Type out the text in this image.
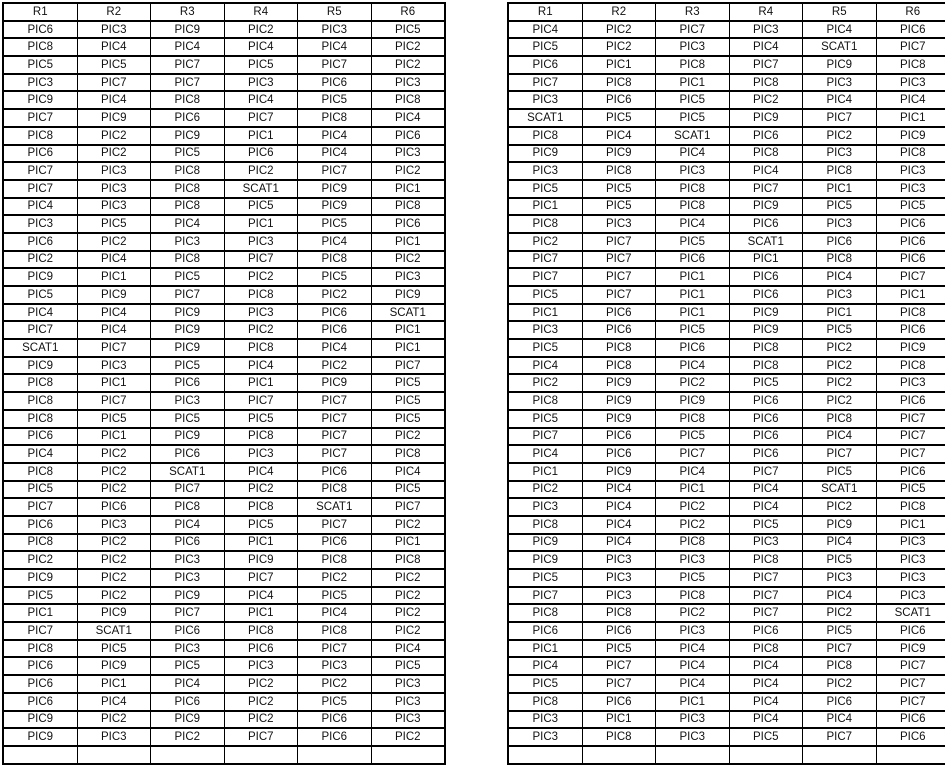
R1	R2	R3	R4	R5	R6
PIC6	PIC3	PIC9	PIC2	PIC3	PIC5
PIC8	PIC4	PIC4	PIC4	PIC4	PIC2
PIC5	PIC5	PIC7	PIC5	PIC7	PIC2
PIC3	PIC7	PIC7	PIC3	PIC6	PIC3
PIC9	PIC4	PIC8	PIC4	PIC5	PIC8
PIC7	PIC9	PIC6	PIC7	PIC8	PIC4
PIC8	PIC2	PIC9	PIC1	PIC4	PIC6
PIC6	PIC2	PIC5	PIC6	PIC4	PIC3
PIC7	PIC3	PIC8	PIC2	PIC7	PIC2
PIC7	PIC3	PIC8	SCAT1	PIC9	PIC1
PIC4	PIC3	PIC8	PIC5	PIC9	PIC8
PIC3	PIC5	PIC4	PIC1	PIC5	PIC6
PIC6	PIC2	PIC3	PIC3	PIC4	PIC1
PIC2	PIC4	PIC8	PIC7	PIC8	PIC2
PIC9	PIC1	PIC5	PIC2	PIC5	PIC3
PIC5	PIC9	PIC7	PIC8	PIC2	PIC9
PIC4	PIC4	PIC9	PIC3	PIC6	SCAT1
PIC7	PIC4	PIC9	PIC2	PIC6	PIC1
SCAT1	PIC7	PIC9	PIC8	PIC4	PIC1
PIC9	PIC3	PIC5	PIC4	PIC2	PIC7
PIC8	PIC1	PIC6	PIC1	PIC9	PIC5
PIC8	PIC7	PIC3	PIC7	PIC7	PIC5
PIC8	PIC5	PIC5	PIC5	PIC7	PIC5
PIC6	PIC1	PIC9	PIC8	PIC7	PIC2
PIC4	PIC2	PIC6	PIC3	PIC7	PIC8
PIC8	PIC2	SCAT1	PIC4	PIC6	PIC4
PIC5	PIC2	PIC7	PIC2	PIC8	PIC5
PIC7	PIC6	PIC8	PIC8	SCAT1	PIC7
PIC6	PIC3	PIC4	PIC5	PIC7	PIC2
PIC8	PIC2	PIC6	PIC1	PIC6	PIC1
PIC2	PIC2	PIC3	PIC9	PIC8	PIC8
PIC9	PIC2	PIC3	PIC7	PIC2	PIC2
PIC5	PIC2	PIC9	PIC4	PIC5	PIC2
PIC1	PIC9	PIC7	PIC1	PIC4	PIC2
PIC7	SCAT1	PIC6	PIC8	PIC8	PIC2
PIC8	PIC5	PIC3	PIC6	PIC7	PIC4
PIC6	PIC9	PIC5	PIC3	PIC3	PIC5
PIC6	PIC1	PIC4	PIC2	PIC2	PIC3
PIC6	PIC4	PIC6	PIC2	PIC5	PIC3
PIC9	PIC2	PIC9	PIC2	PIC6	PIC3
PIC9	PIC3	PIC2	PIC7	PIC6	PIC2

R1	R2	R3	R4	R5	R6
PIC4	PIC2	PIC7	PIC3	PIC4	PIC6
PIC5	PIC2	PIC3	PIC4	SCAT1	PIC7
PIC6	PIC1	PIC8	PIC7	PIC9	PIC8
PIC7	PIC8	PIC1	PIC8	PIC3	PIC3
PIC3	PIC6	PIC5	PIC2	PIC4	PIC4
SCAT1	PIC5	PIC5	PIC9	PIC7	PIC1
PIC8	PIC4	SCAT1	PIC6	PIC2	PIC9
PIC9	PIC9	PIC4	PIC8	PIC3	PIC8
PIC3	PIC8	PIC3	PIC4	PIC8	PIC3
PIC5	PIC5	PIC8	PIC7	PIC1	PIC3
PIC1	PIC5	PIC8	PIC9	PIC5	PIC5
PIC8	PIC3	PIC4	PIC6	PIC3	PIC6
PIC2	PIC7	PIC5	SCAT1	PIC6	PIC6
PIC7	PIC7	PIC6	PIC1	PIC8	PIC6
PIC7	PIC7	PIC1	PIC6	PIC4	PIC7
PIC5	PIC7	PIC1	PIC6	PIC3	PIC1
PIC1	PIC6	PIC1	PIC9	PIC1	PIC8
PIC3	PIC6	PIC5	PIC9	PIC5	PIC6
PIC5	PIC8	PIC6	PIC8	PIC2	PIC9
PIC4	PIC8	PIC4	PIC8	PIC2	PIC8
PIC2	PIC9	PIC2	PIC5	PIC2	PIC3
PIC8	PIC9	PIC9	PIC6	PIC2	PIC6
PIC5	PIC9	PIC8	PIC6	PIC8	PIC7
PIC7	PIC6	PIC5	PIC6	PIC4	PIC7
PIC4	PIC6	PIC7	PIC6	PIC7	PIC7
PIC1	PIC9	PIC4	PIC7	PIC5	PIC6
PIC2	PIC4	PIC1	PIC4	SCAT1	PIC5
PIC3	PIC4	PIC2	PIC4	PIC2	PIC8
PIC8	PIC4	PIC2	PIC5	PIC9	PIC1
PIC9	PIC4	PIC8	PIC3	PIC4	PIC3
PIC9	PIC3	PIC3	PIC8	PIC5	PIC3
PIC5	PIC3	PIC5	PIC7	PIC3	PIC3
PIC7	PIC3	PIC8	PIC7	PIC4	PIC3
PIC8	PIC8	PIC2	PIC7	PIC2	SCAT1
PIC6	PIC6	PIC3	PIC6	PIC5	PIC6
PIC1	PIC5	PIC4	PIC8	PIC7	PIC9
PIC4	PIC7	PIC4	PIC4	PIC8	PIC7
PIC5	PIC7	PIC4	PIC4	PIC2	PIC7
PIC8	PIC6	PIC1	PIC4	PIC6	PIC7
PIC3	PIC1	PIC3	PIC4	PIC4	PIC6
PIC3	PIC8	PIC3	PIC5	PIC7	PIC6
